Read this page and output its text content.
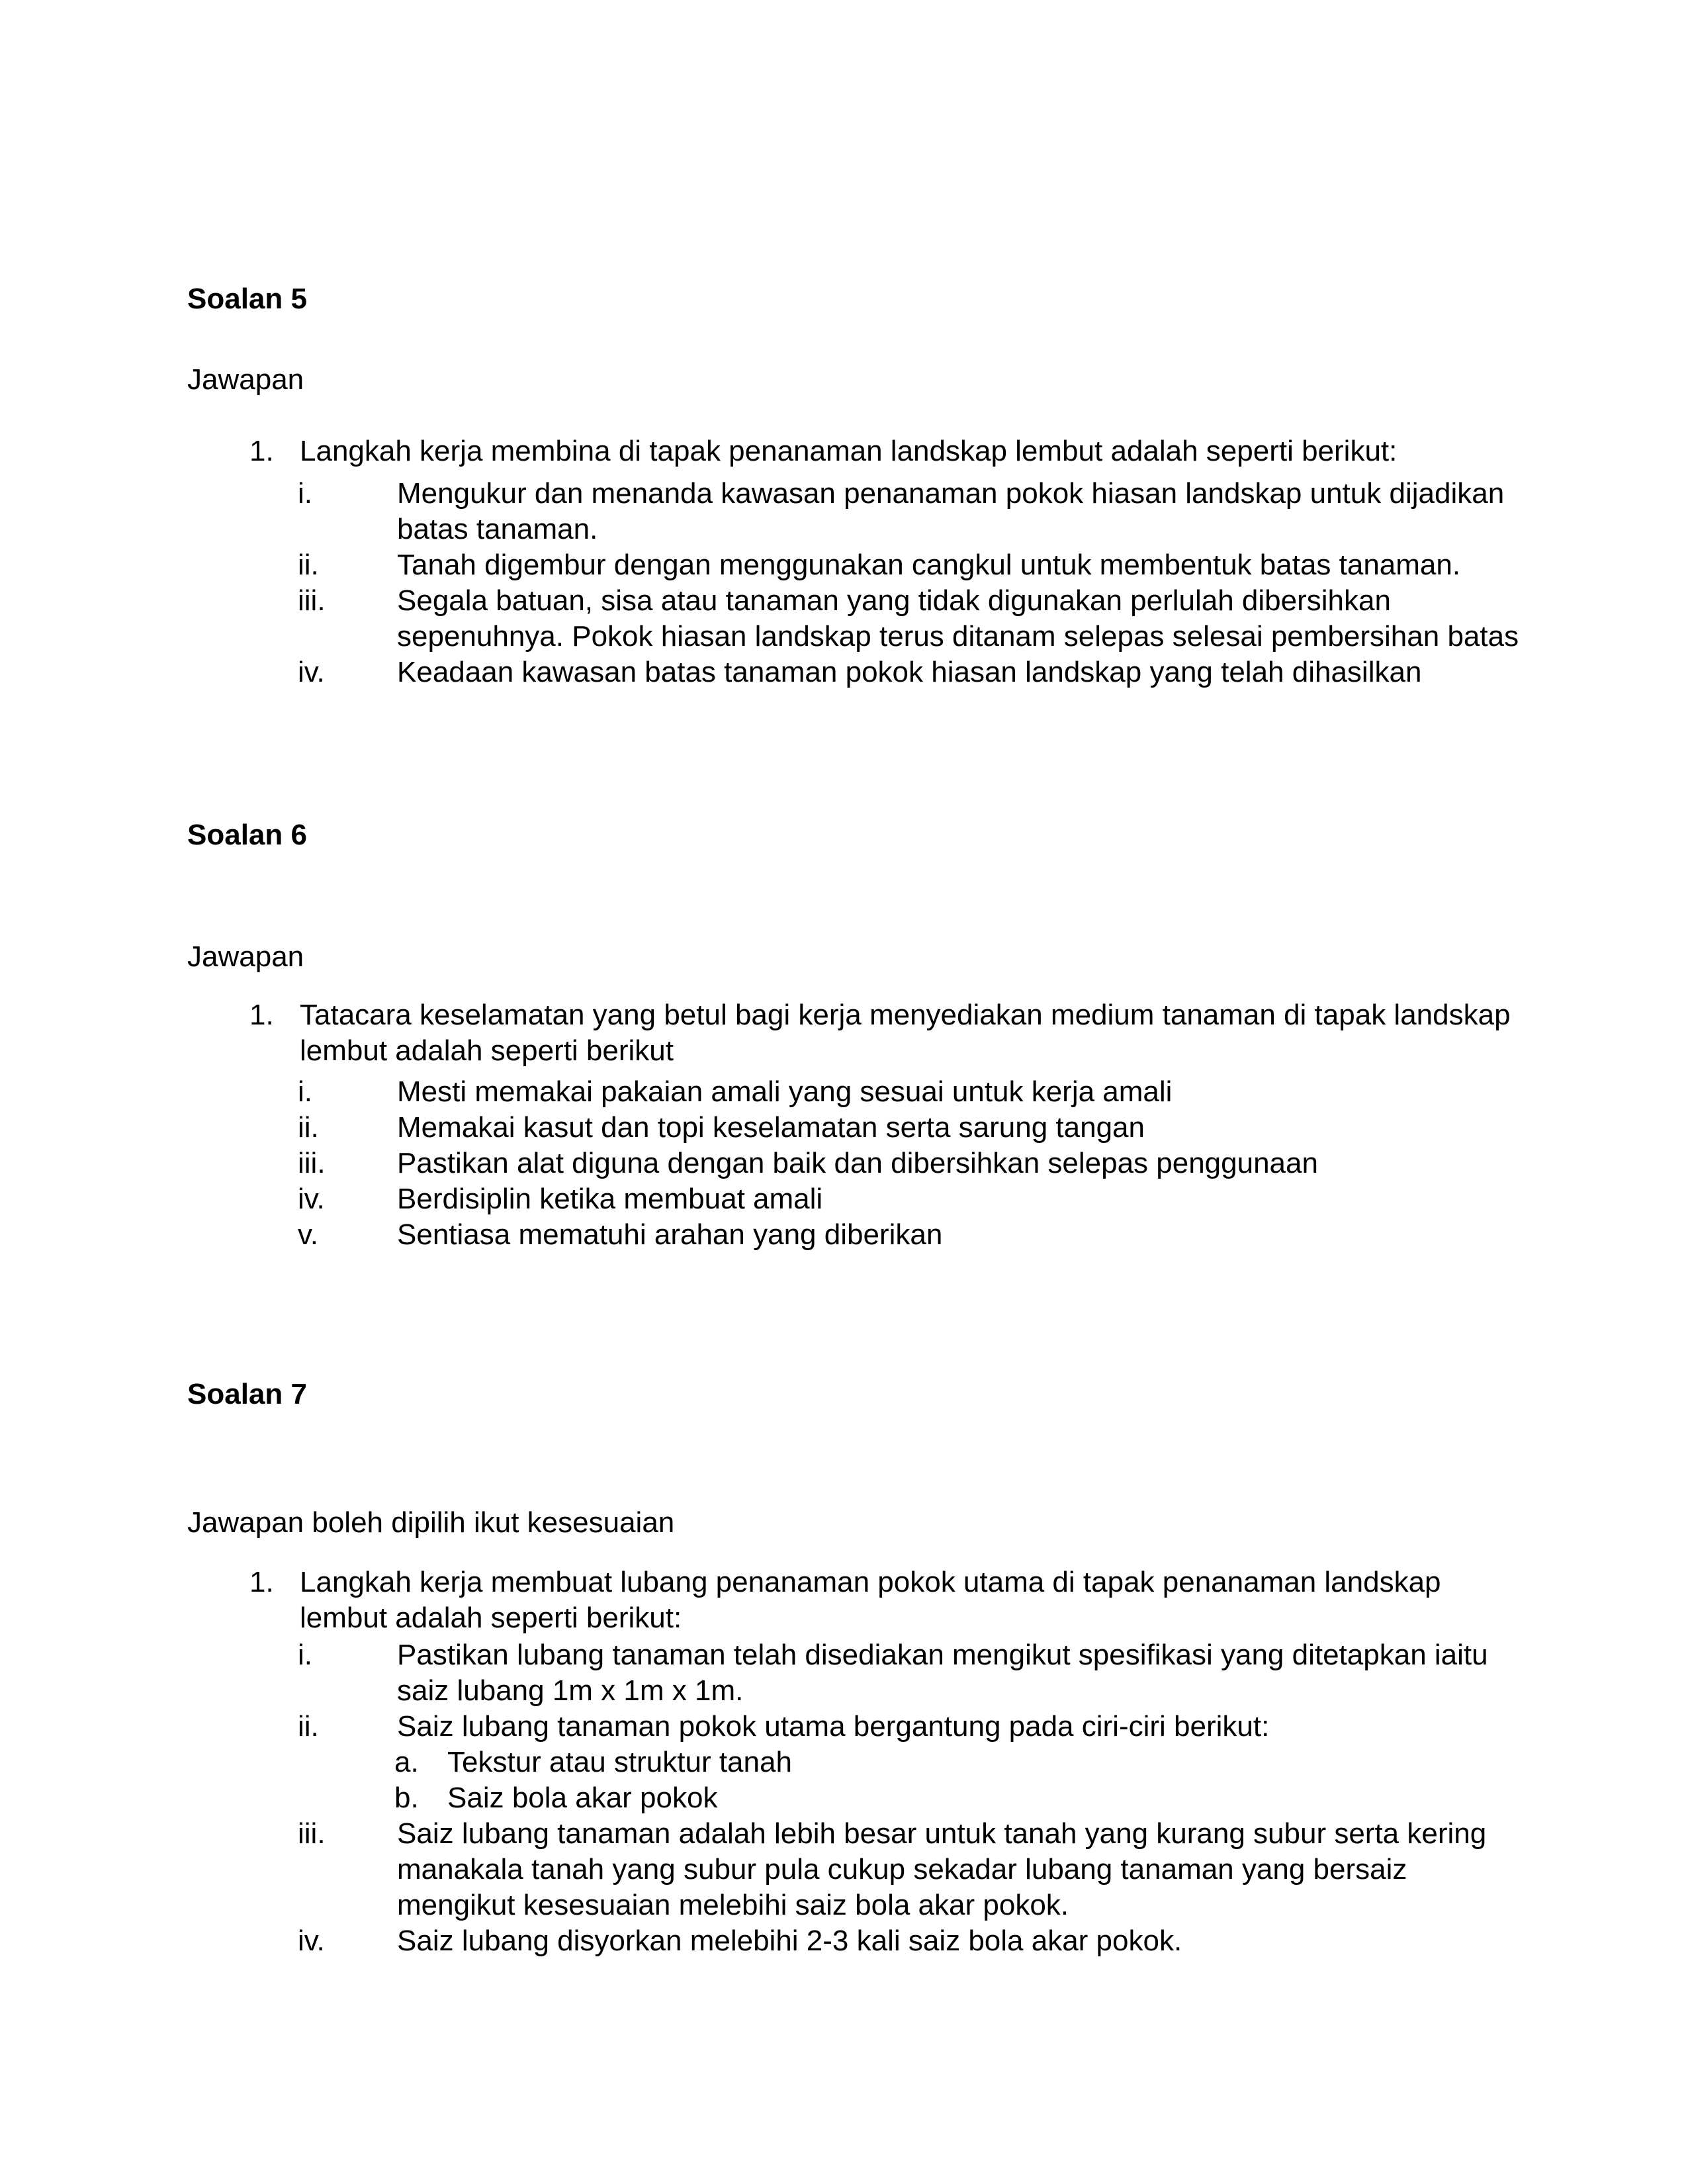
Soalan 5
Jawapan
1. Langkah kerja membina di tapak penanaman landskap lembut adalah seperti berikut:
i.	Mengukur dan menanda kawasan penanaman pokok hiasan landskap untuk dijadikan
batas tanaman.
ii.	Tanah digembur dengan menggunakan cangkul untuk membentuk batas tanaman.
iii.	Segala batuan, sisa atau tanaman yang tidak digunakan perlulah dibersihkan
sepenuhnya. Pokok hiasan landskap terus ditanam selepas selesai pembersihan batas
iv.	Keadaan kawasan batas tanaman pokok hiasan landskap yang telah dihasilkan
Soalan 6
Jawapan
1. Tatacara keselamatan yang betul bagi kerja menyediakan medium tanaman di tapak landskap
lembut adalah seperti berikut
i.	Mesti memakai pakaian amali yang sesuai untuk kerja amali
ii.	Memakai kasut dan topi keselamatan serta sarung tangan
iii.	Pastikan alat diguna dengan baik dan dibersihkan selepas penggunaan
iv.	Berdisiplin ketika membuat amali
v.	Sentiasa mematuhi arahan yang diberikan
Soalan 7
Jawapan boleh dipilih ikut kesesuaian
1. Langkah kerja membuat lubang penanaman pokok utama di tapak penanaman landskap
lembut adalah seperti berikut:
i.	Pastikan lubang tanaman telah disediakan mengikut spesifikasi yang ditetapkan iaitu
saiz lubang 1m x 1m x 1m.
ii.	Saiz lubang tanaman pokok utama bergantung pada ciri-ciri berikut:
a. Tekstur atau struktur tanah
b. Saiz bola akar pokok
iii.	Saiz lubang tanaman adalah lebih besar untuk tanah yang kurang subur serta kering
manakala tanah yang subur pula cukup sekadar lubang tanaman yang bersaiz
mengikut kesesuaian melebihi saiz bola akar pokok.
iv.	Saiz lubang disyorkan melebihi 2-3 kali saiz bola akar pokok.
